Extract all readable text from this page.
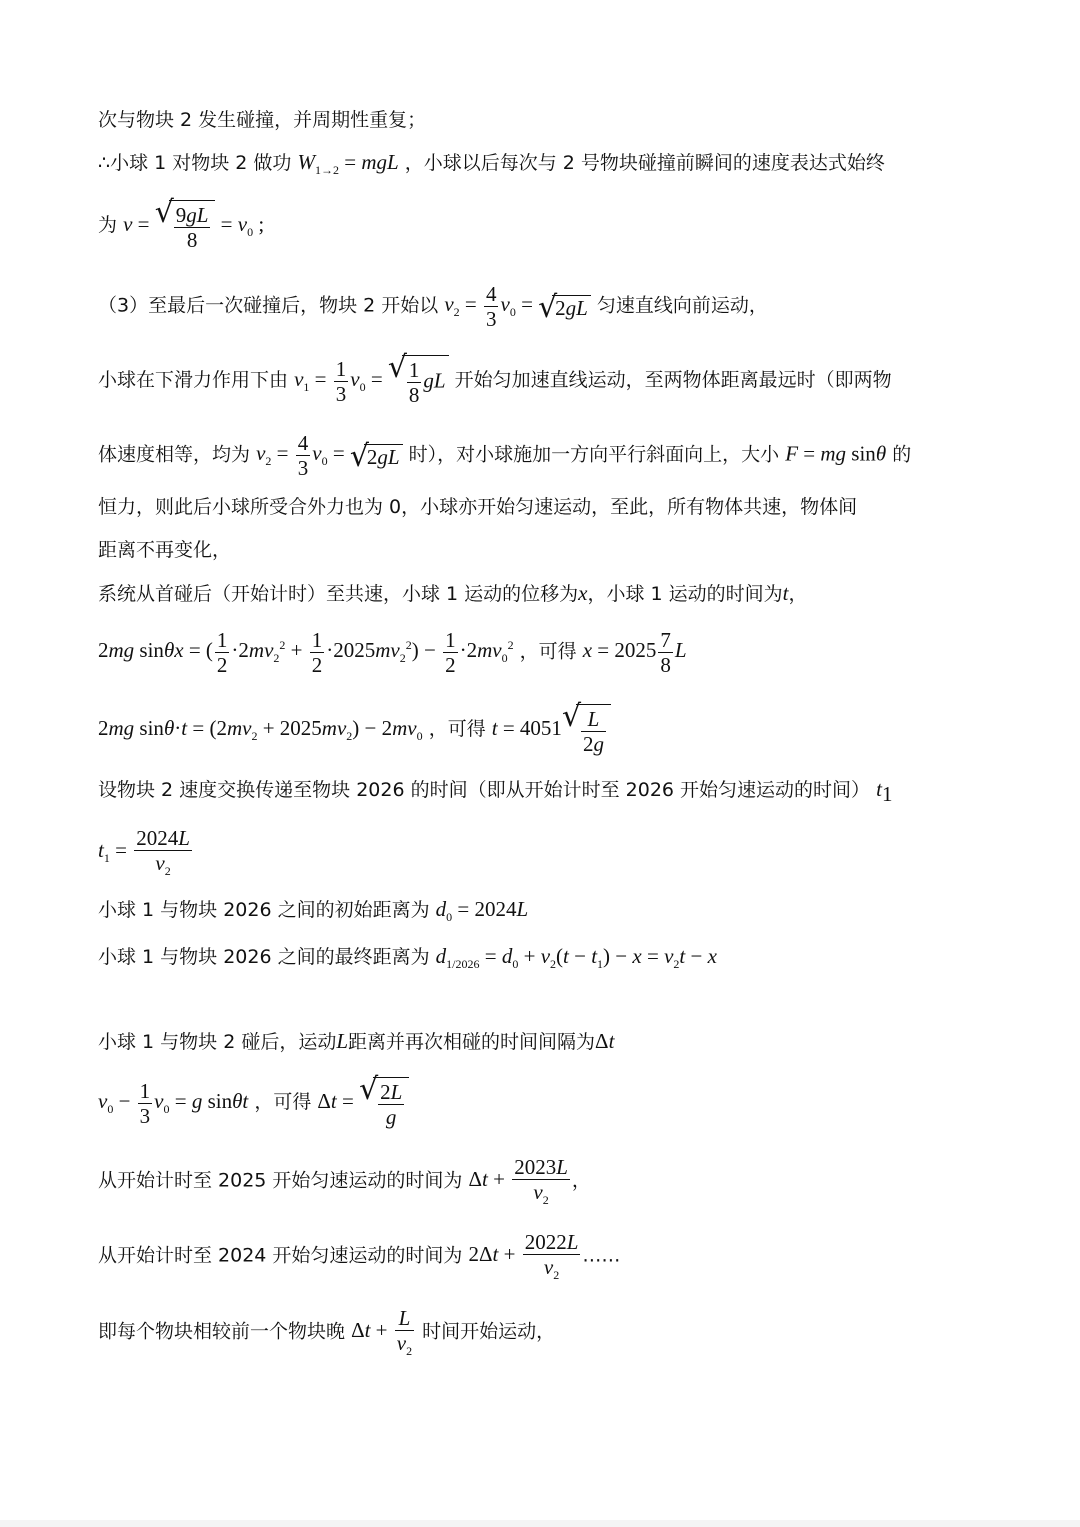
次与物块 2 发生碰撞，并周期性重复；
∴小球 1 对物块 2 做功 $W_{1\to 2}$ = mgL ，小球以后每次与 2 号物块碰撞前瞬间的速度表达式始终
为 v = √ $\frac{9gL}{8} = v_0$ ;
（3）至最后一次碰撞后，物块 2 开始以 $v_2 = \frac{4}{3} v_0$ = √
2gL 匀速直线向前运动，
小球在下滑力作用下由 $v_1 = \frac{1}{3} v_0$ = √ $\frac{1}{8}$ gL 开始匀加速直线运动，至两物体距离最远时（即两物
体速度相等，均为 $v_2 = \frac{4}{3} v_0$ = √
2gL 时），对小球施加一方向平行斜面向上，大小 F = mg sinθ 的
恒力，则此后小球所受合外力也为 0，小球亦开始匀速运动，至此，所有物体共速，物体间
距离不再变化，
系统从首碰后（开始计时）至共速，小球 1 运动的位移为x，小球 1 运动的时间为t，
2mg sinθx = ( $\frac{1}{2} \cdot 2mv_2^2 + \frac{1}{2} \cdot 2025mv_2^2) - \frac{1}{2} \cdot 2mv_0^2$ ，可得 $x = 2025 \frac{7}{8}$ L
2mg $\sin\theta\cdot t = (2mv_2 + 2025mv_2) - 2mv_0$ ，可得 t = 4051 √ $\frac{L}{2g}$
设物块 2 速度交换传递至物块 2026 的时间（即从开始计时至 2026 开始匀速运动的时间） $t_1$
$t_1 = \frac{2024L}{v_2}$
小球 1 与物块 2026 之间的初始距离为 $d_0 = 2024L$
小球 1 与物块 2026 之间的最终距离为 $d_{1/2026} = d_0 + v_2(t - t_1) - x = v_2t - x$
小球 1 与物块 2 碰后，运动L距离并再次相碰的时间间隔为Δt
$v_0 - \frac{1}{3} v_0 = g$ sinθt ，可得 Δt = √ $\frac{2L}{g}$
从开始计时至 2025 开始匀速运动的时间为 $\Delta t + \frac{2023L}{v_2}$ ，
从开始计时至 2024 开始匀速运动的时间为 $2\Delta t + \frac{2022L}{v_2}$ ……
即每个物块相较前一个物块晚 $\Delta t + \frac{L}{v_2}$ 时间开始运动，
